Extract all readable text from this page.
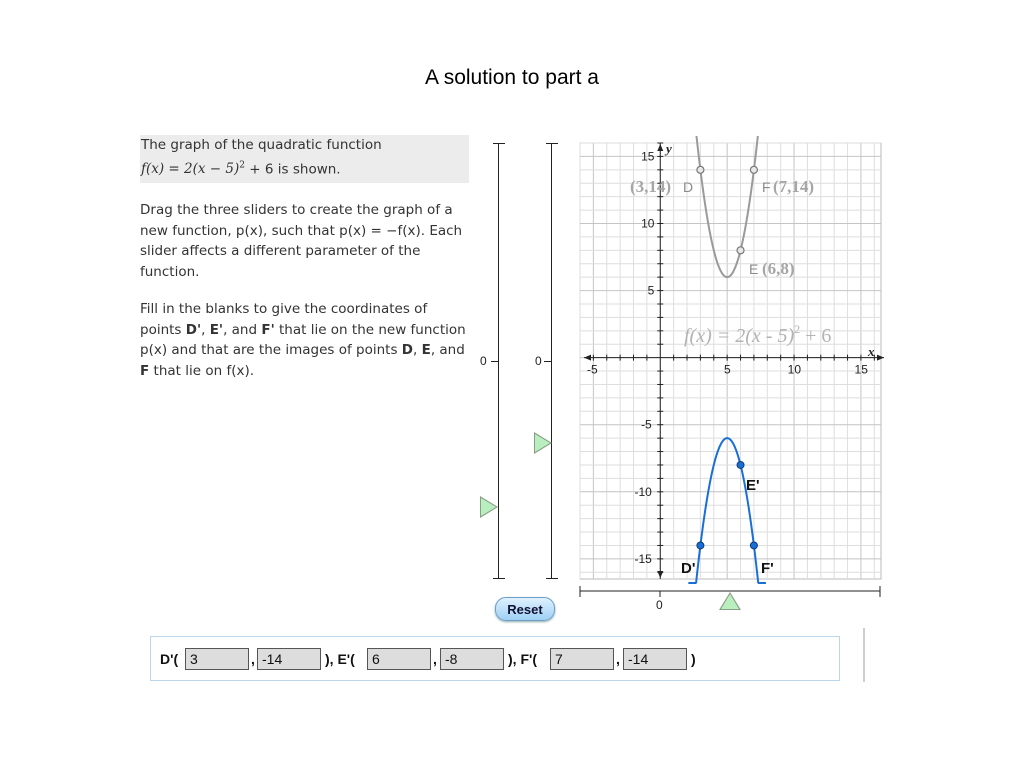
A solution to part a
The graph of the quadratic function
$f(x) = 2(x - 5)^2 + 6$ is shown.
Drag the three sliders to create the graph of a new function, p(x), such that p(x) = −f(x). Each slider affects a different parameter of the function.
Fill in the blanks to give the coordinates of points D', E', and F' that lie on the new function p(x) and that are the images of points D, E, and F that lie on f(x).
0	0
-5	5	10	15
15
10
5
-5
-10
-15
(3,14) D	F (7,14)
E (6,8)
f(x) = 2(x - 5)$^2$ + 6
E'
D'	F'
x
y
0
Reset
D'( 3	, -14	), E'(	6	, -8	), F'(	7	, -14	)
